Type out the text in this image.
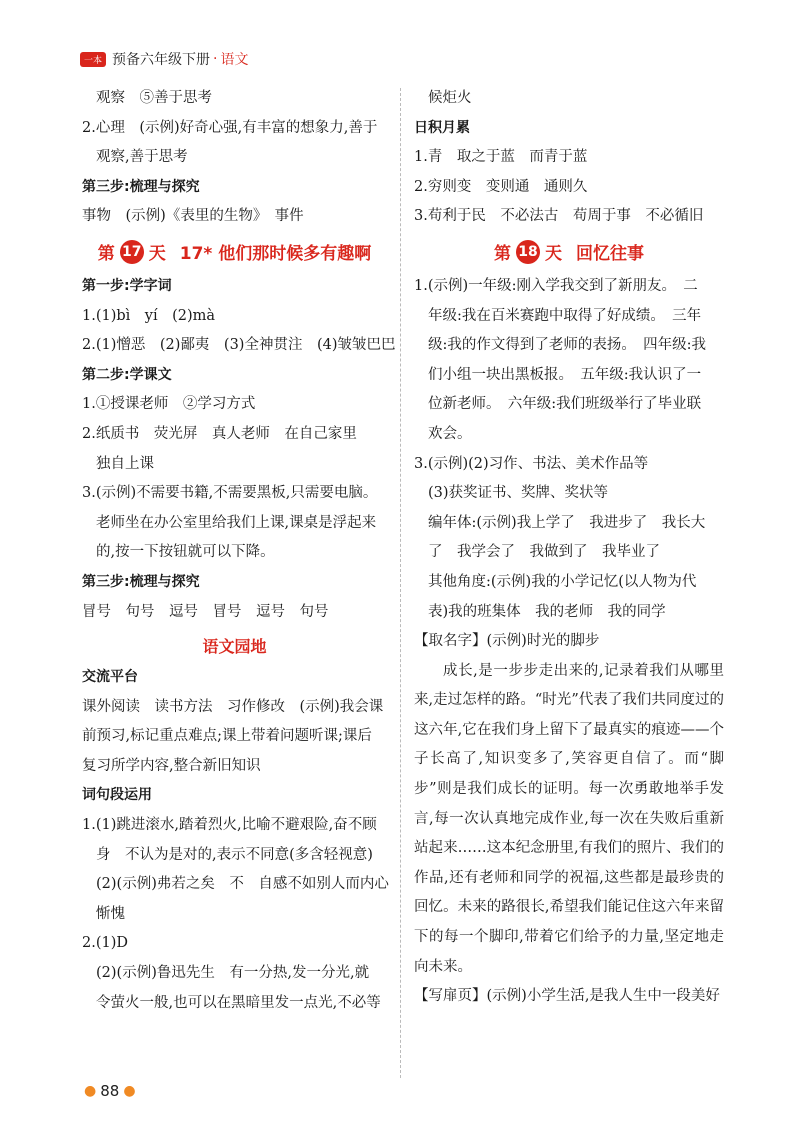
一本 预备六年级下册 · 语文
观察　⑤善于思考
2.心理　(示例)好奇心强,有丰富的想象力,善于
观察,善于思考
第三步:梳理与探究
事物　(示例)《表里的生物》　事件
第 17 天 17* 他们那时候多有趣啊
第一步:学字词
1.(1)bì　yí　(2)mà
2.(1)憎恶　(2)鄙夷　(3)全神贯注　(4)皱皱巴巴
第二步:学课文
1.①授课老师　②学习方式
2.纸质书　荧光屏　真人老师　在自己家里
独自上课
3.(示例)不需要书籍,不需要黑板,只需要电脑。
老师坐在办公室里给我们上课,课桌是浮起来
的,按一下按钮就可以下降。
第三步:梳理与探究
冒号　句号　逗号　冒号　逗号　句号
语文园地
交流平台
课外阅读　读书方法　习作修改　(示例)我会课
前预习,标记重点难点;课上带着问题听课;课后
复习所学内容,整合新旧知识
词句段运用
1.(1)跳进滚水,踏着烈火,比喻不避艰险,奋不顾
身　不认为是对的,表示不同意(多含轻视意)
(2)(示例)弗若之矣　不　自感不如别人而内心
惭愧
2.(1)D
(2)(示例)鲁迅先生　有一分热,发一分光,就
令萤火一般,也可以在黑暗里发一点光,不必等
候炬火
日积月累
1.青　取之于蓝　而青于蓝
2.穷则变　变则通　通则久
3.苟利于民　不必法古　苟周于事　不必循旧
第 18 天 回忆往事
1.(示例)一年级:刚入学我交到了新朋友。　二
年级:我在百米赛跑中取得了好成绩。　三年
级:我的作文得到了老师的表扬。　四年级:我
们小组一块出黑板报。　五年级:我认识了一
位新老师。　六年级:我们班级举行了毕业联
欢会。
3.(示例)(2)习作、书法、美术作品等
(3)获奖证书、奖牌、奖状等
编年体:(示例)我上学了　我进步了　我长大
了　我学会了　我做到了　我毕业了
其他角度:(示例)我的小学记忆(以人物为代
表)我的班集体　我的老师　我的同学
【取名字】(示例)时光的脚步
成长,是一步步走出来的,记录着我们从哪里来,走过怎样的路。“时光”代表了我们共同度过的这六年,它在我们身上留下了最真实的痕迹——个子长高了,知识变多了,笑容更自信了。而“脚步”则是我们成长的证明。每一次勇敢地举手发言,每一次认真地完成作业,每一次在失败后重新站起来……这本纪念册里,有我们的照片、我们的作品,还有老师和同学的祝福,这些都是最珍贵的回忆。未来的路很长,希望我们能记住这六年来留下的每一个脚印,带着它们给予的力量,坚定地走向未来。
【写扉页】(示例)小学生活,是我人生中一段美好
● 88 ●
